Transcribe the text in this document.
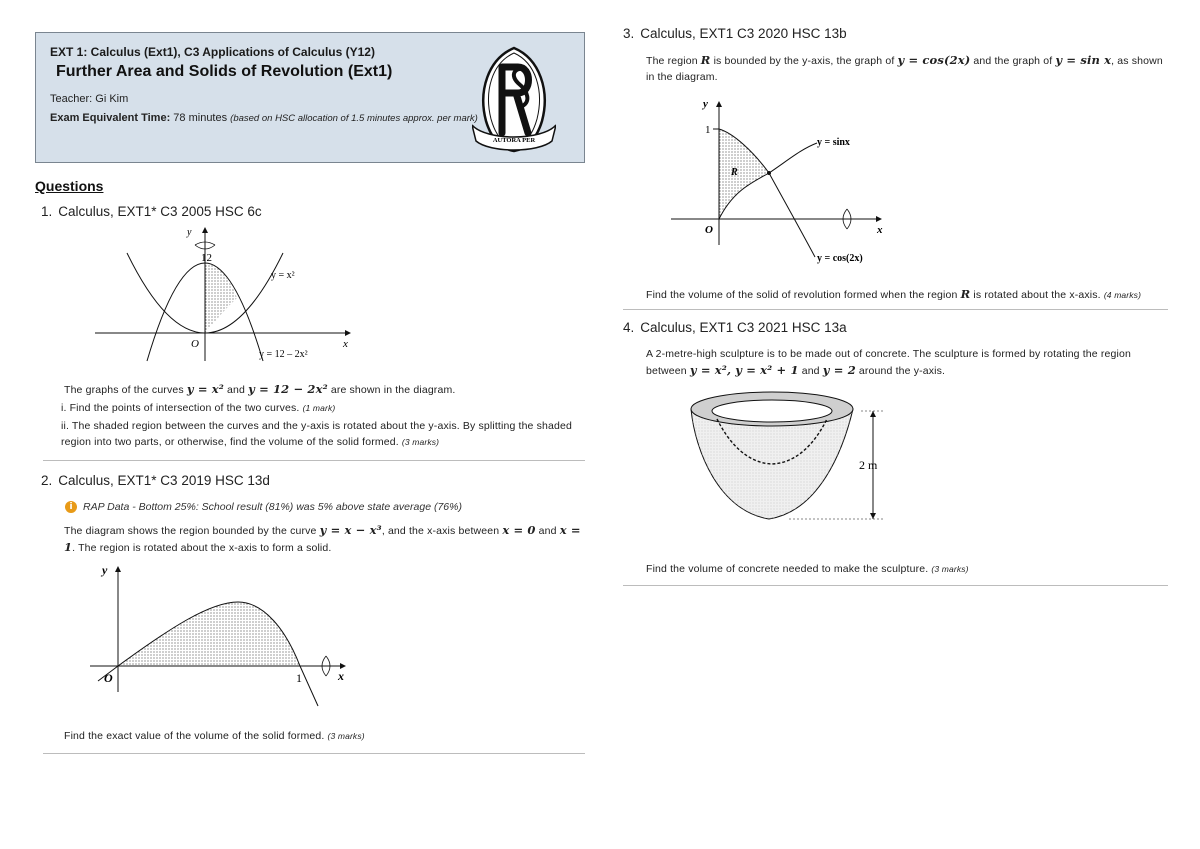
EXT 1: Calculus (Ext1), C3 Applications of Calculus (Y12)
Further Area and Solids of Revolution (Ext1)
Teacher: Gi Kim
Exam Equivalent Time: 78 minutes (based on HSC allocation of 1.5 minutes approx. per mark)
AUTORA PER
Questions
1. Calculus, EXT1* C3 2005 HSC 6c
y
12
O	x
y = x²
y = 12 – 2x²
The graphs of the curves y = x² and y = 12 − 2x² are shown in the diagram.
i. Find the points of intersection of the two curves. (1 mark)
ii. The shaded region between the curves and the y-axis is rotated about the y-axis. By splitting the shaded region into two parts, or otherwise, find the volume of the solid formed. (3 marks)
2. Calculus, EXT1* C3 2019 HSC 13d
i RAP Data - Bottom 25%: School result (81%) was 5% above state average (76%)
The diagram shows the region bounded by the curve y = x − x³, and the x-axis between x = 0 and x = 1. The region is rotated about the x-axis to form a solid.
y
O	1	x
Find the exact value of the volume of the solid formed. (3 marks)
3. Calculus, EXT1 C3 2020 HSC 13b
The region R is bounded by the y-axis, the graph of y = cos(2x) and the graph of y = sin x, as shown in the diagram.
y
1
R
O	x
y = sinx
y = cos(2x)
Find the volume of the solid of revolution formed when the region R is rotated about the x-axis. (4 marks)
4. Calculus, EXT1 C3 2021 HSC 13a
A 2-metre-high sculpture is to be made out of concrete. The sculpture is formed by rotating the region between y = x², y = x² + 1 and y = 2 around the y-axis.
2 m
Find the volume of concrete needed to make the sculpture. (3 marks)
